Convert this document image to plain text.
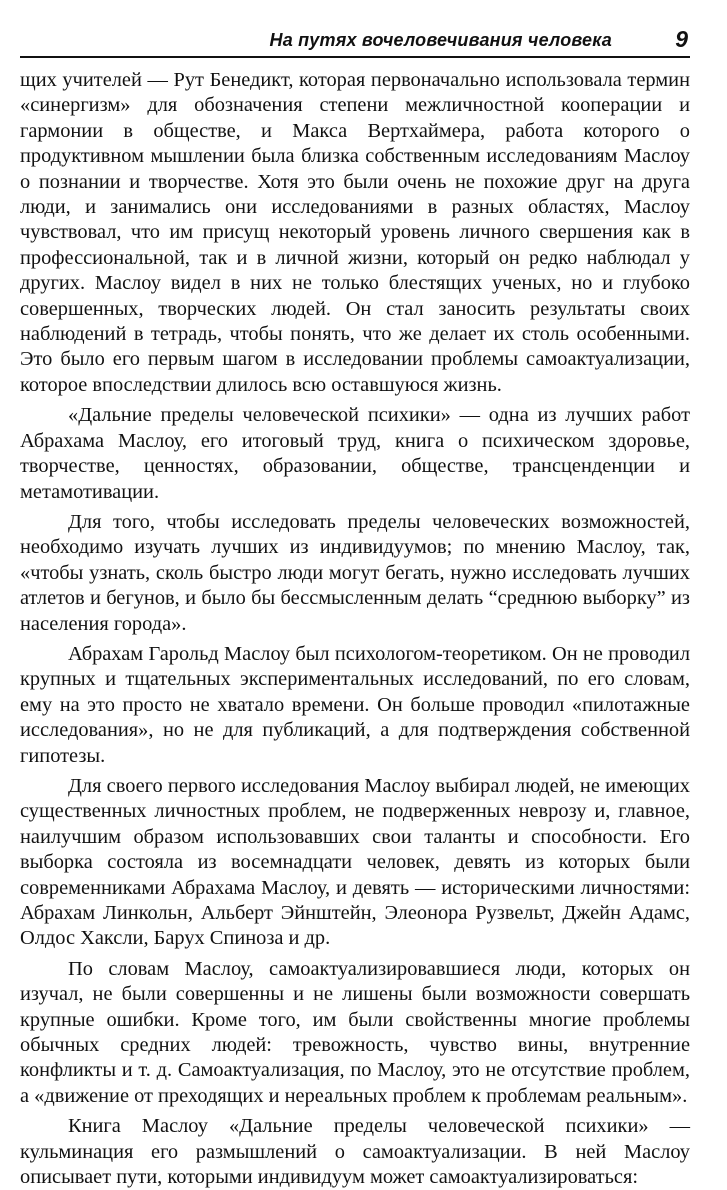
На путях вочеловечивания человека	9

щих учителей — Рут Бенедикт, которая первоначально использовала термин «синергизм» для обозначения степени межличностной кооперации и гармонии в обществе, и Макса Вертхаймера, работа которого о продуктивном мышлении была близка собственным исследованиям Маслоу о познании и творчестве. Хотя это были очень не похожие друг на друга люди, и занимались они исследованиями в разных областях, Маслоу чувствовал, что им присущ некоторый уровень личного свершения как в профессиональной, так и в личной жизни, который он редко наблюдал у других. Маслоу видел в них не только блестящих ученых, но и глубоко совершенных, творческих людей. Он стал заносить результаты своих наблюдений в тетрадь, чтобы понять, что же делает их столь особенными. Это было его первым шагом в исследовании проблемы самоактуализации, которое впоследствии длилось всю оставшуюся жизнь.

«Дальние пределы человеческой психики» — одна из лучших работ Абрахама Маслоу, его итоговый труд, книга о психическом здоровье, творчестве, ценностях, образовании, обществе, трансценденции и метамотивации.

Для того, чтобы исследовать пределы человеческих возможностей, необходимо изучать лучших из индивидуумов; по мнению Маслоу, так, «чтобы узнать, сколь быстро люди могут бегать, нужно исследовать лучших атлетов и бегунов, и было бы бессмысленным делать “среднюю выборку” из населения города».

Абрахам Гарольд Маслоу был психологом-теоретиком. Он не проводил крупных и тщательных экспериментальных исследований, по его словам, ему на это просто не хватало времени. Он больше проводил «пилотажные исследования», но не для публикаций, а для подтверждения собственной гипотезы.

Для своего первого исследования Маслоу выбирал людей, не имеющих существенных личностных проблем, не подверженных неврозу и, главное, наилучшим образом использовавших свои таланты и способности. Его выборка состояла из восемнадцати человек, девять из которых были современниками Абрахама Маслоу, и девять — историческими личностями: Абрахам Линкольн, Альберт Эйнштейн, Элеонора Рузвельт, Джейн Адамс, Олдос Хаксли, Барух Спиноза и др.

По словам Маслоу, самоактуализировавшиеся люди, которых он изучал, не были совершенны и не лишены были возможности совершать крупные ошибки. Кроме того, им были свойственны многие проблемы обычных средних людей: тревожность, чувство вины, внутренние конфликты и т. д. Самоактуализация, по Маслоу, это не отсутствие проблем, а «движение от преходящих и нереальных проблем к проблемам реальным».

Книга Маслоу «Дальние пределы человеческой психики» — кульминация его размышлений о самоактуализации. В ней Маслоу описывает пути, которыми индивидуум может самоактуализироваться:
